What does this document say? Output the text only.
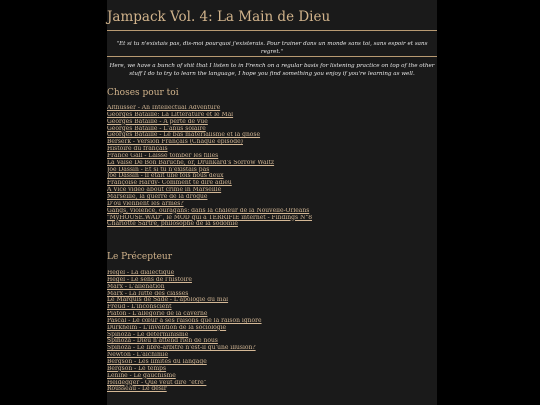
Jampack Vol. 4: La Main de Dieu
"Et si tu n'existais pas, dis-moi pourquoi j'existerais. Pour trainer dans un monde sans toi, sans espoir et sans regret."
Here, we have a bunch of shit that I listen to in French on a regular basis for listening practice on top of the other stuff I do to try to learn the language, I hope you find something you enjoy if you're learning as well.
Choses pour toi
Althusser - An Intellectual Adventure
Georges Bataille: La Littérature et le Mal
Georges Bataille - À perte de vue
Georges Bataille - L'anus solaire
Georges Bataille - Le bas matérialisme et la gnose
Berserk - Version Français (Chaque épisode)
Histoire du français
France Gall - Laisse tomber les filles
La Valse De Bon Baruche, or, Drunkard's Sorrow Waltz
Joe Dassin - Et si tu n'existais pas
Joe Dassin - Il était une fois nous deux
Françoise Hardy- Comment te dire adieu
A Vice video about crime in Marseille
Marseille, la guerre de la drogue
D'où viennent les armes?
Gangs, violence, ouragans: dans la chaleur de la Nouvelle-Orléans
"MyHOUSE.WAD", le MOD qui a TERRIFIÉ internet - Findings N°8
Charlotte Sartre, philosophe de la sodomie
Le Précepteur
Hegel - La dialectique
Hegel - Le sens de l'histoire
Marx - L'aliénation
Marx - La lutte des classes
Le Marquis de Sade - L'apologie du mal
Freud - L'inconscient
Platon - L'allégorie de la caverne
Pascal - Le cœur a ses raisons que la raison ignore
Durkheim - L'invention de la sociologie
Spinoza - Le déterminisme
Spinoza - Dieu n'attend rien de nous
Spinoza - Le libre-arbitre n'est-il qu'une illusion?
Newton - L'alchimie
Bergson - Les limites du langage
Bergson - Le temps
Lénine - Le gauchisme
Heidegger - Que veut dire "être"
Rousseau - Le désir
